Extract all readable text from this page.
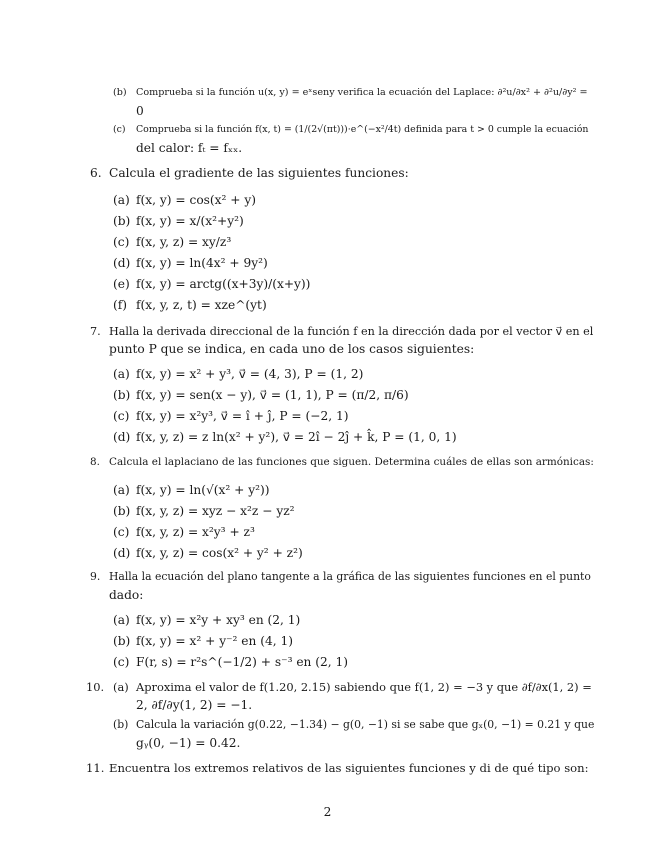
(b) Comprueba si la función u(x, y) = eˣseny verifica la ecuación del Laplace: ∂²u/∂x² + ∂²u/∂y² =
0
(c)	Comprueba si la función f(x, t) = (1/(2√(πt)))·e^(−x²/4t) definida para t > 0 cumple la ecuación
del calor: fₜ = fₓₓ.
6. Calcula el gradiente de las siguientes funciones:
(a) f(x, y) = cos(x² + y)
(b) f(x, y) = x/(x²+y²)
(c) f(x, y, z) = xy/z³
(d) f(x, y) = ln(4x² + 9y²)
(e) f(x, y) = arctg((x+3y)/(x+y))
(f) f(x, y, z, t) = xze^(yt)
7. Halla la derivada direccional de la función f en la dirección dada por el vector v⃗ en el
punto P que se indica, en cada uno de los casos siguientes:
(a) f(x, y) = x² + y³, v⃗ = (4, 3), P = (1, 2)
(b) f(x, y) = sen(x − y), v⃗ = (1, 1), P = (π/2, π/6)
(c) f(x, y) = x²y³, v⃗ = î + ĵ, P = (−2, 1)
(d) f(x, y, z) = z ln(x² + y²), v⃗ = 2î − 2ĵ + k̂, P = (1, 0, 1)
8. Calcula el laplaciano de las funciones que siguen. Determina cuáles de ellas son armónicas:
(a) f(x, y) = ln(√(x² + y²))
(b) f(x, y, z) = xyz − x²z − yz²
(c) f(x, y, z) = x²y³ + z³
(d) f(x, y, z) = cos(x² + y² + z²)
9. Halla la ecuación del plano tangente a la gráfica de las siguientes funciones en el punto
dado:
(a) f(x, y) = x²y + xy³ en (2, 1)
(b) f(x, y) = x² + y⁻² en (4, 1)
(c) F(r, s) = r²s^(−1/2) + s⁻³ en (2, 1)
10. (a) Aproxima el valor de f(1.20, 2.15) sabiendo que f(1, 2) = −3 y que ∂f/∂x(1, 2) =
2, ∂f/∂y(1, 2) = −1.
(b) Calcula la variación g(0.22, −1.34) − g(0, −1) si se sabe que gₓ(0, −1) = 0.21 y que
gᵧ(0, −1) = 0.42.
11. Encuentra los extremos relativos de las siguientes funciones y di de qué tipo son:
2
